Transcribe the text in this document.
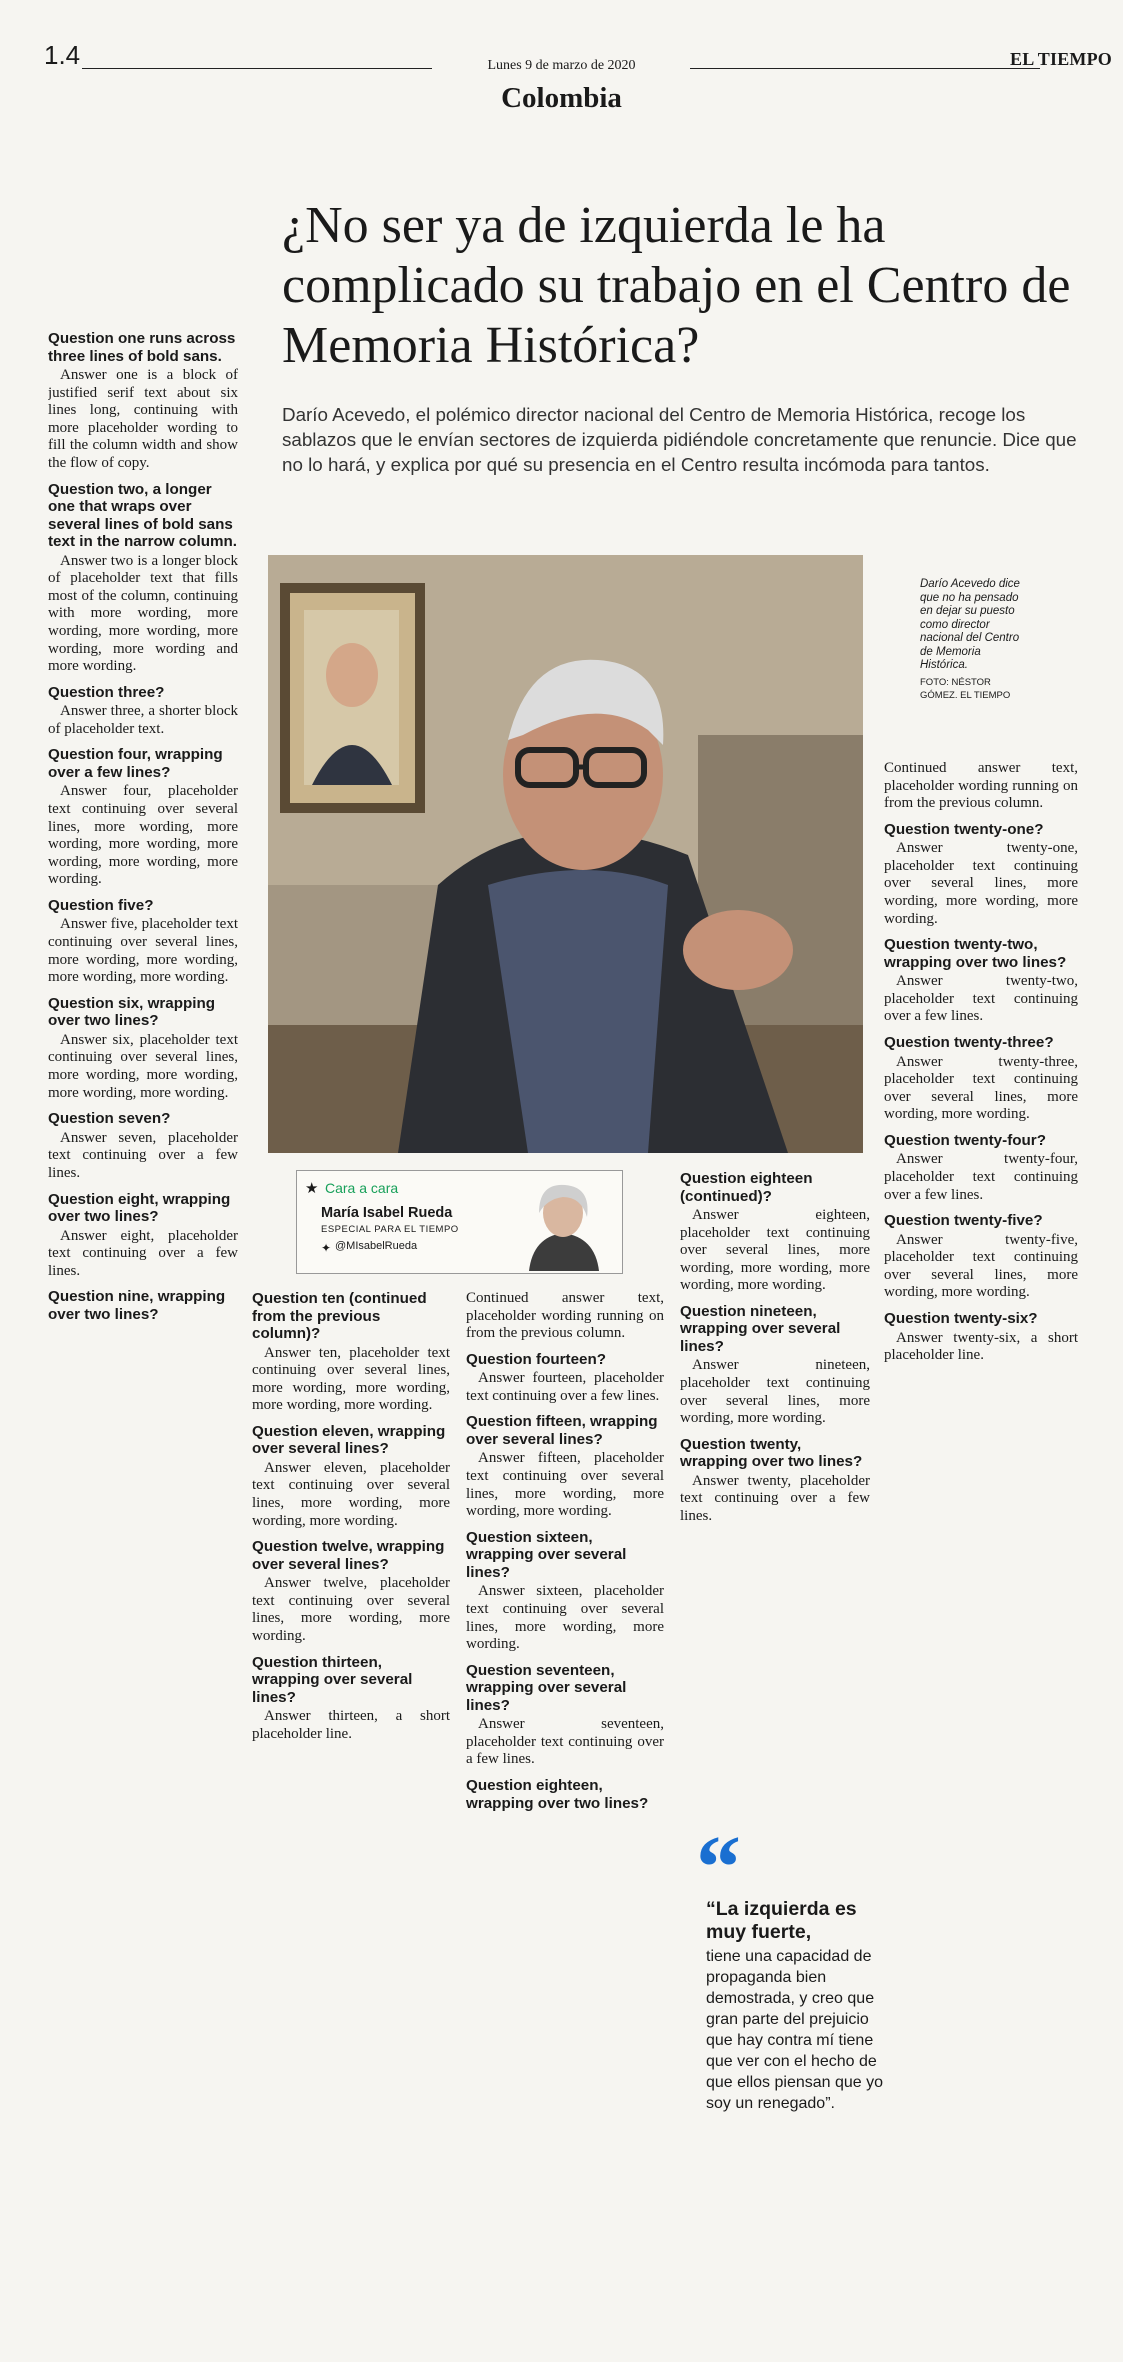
1.4	Lunes 9 de marzo de 2020	EL TIEMPO
Colombia
¿No ser ya de izquierda le ha complicado su trabajo en el Centro de Memoria Histórica?
Darío Acevedo, el polémico director nacional del Centro de Memoria Histórica, recoge los sablazos que le envían sectores de izquierda pidiéndole concretamente que renuncie. Dice que no lo hará, y explica por qué su presencia en el Centro resulta incómoda para tantos.
Darío Acevedo dice que no ha pensado en dejar su puesto como director nacional del Centro de Memoria Histórica.
FOTO: NÉSTOR GÓMEZ. EL TIEMPO
★ Cara a cara
María Isabel Rueda
ESPECIAL PARA EL TIEMPO
✦ @MIsabelRueda
“
“La izquierda es muy fuerte,
tiene una capacidad de propaganda bien demostrada, y creo que gran parte del prejuicio que hay contra mí tiene que ver con el hecho de que ellos piensan que yo soy un renegado”.

Question one runs across three lines of bold sans.

Answer one is a block of justified serif text about six lines long, continuing with more placeholder wording to fill the column width and show the flow of copy.

Question two, a longer one that wraps over several lines of bold sans text in the narrow column.

Answer two is a longer block of placeholder text that fills most of the column, continuing with more wording, more wording, more wording, more wording, more wording and more wording.

Question three?

Answer three, a shorter block of placeholder text.

Question four, wrapping over a few lines?

Answer four, placeholder text continuing over several lines, more wording, more wording, more wording, more wording, more wording, more wording.

Question five?

Answer five, placeholder text continuing over several lines, more wording, more wording, more wording, more wording.

Question six, wrapping over two lines?

Answer six, placeholder text continuing over several lines, more wording, more wording, more wording, more wording.

Question seven?

Answer seven, placeholder text continuing over a few lines.

Question eight, wrapping over two lines?

Answer eight, placeholder text continuing over a few lines.

Question nine, wrapping over two lines?

Question ten (continued from the previous column)?

Answer ten, placeholder text continuing over several lines, more wording, more wording, more wording, more wording.

Question eleven, wrapping over several lines?

Answer eleven, placeholder text continuing over several lines, more wording, more wording, more wording.

Question twelve, wrapping over several lines?

Answer twelve, placeholder text continuing over several lines, more wording, more wording.

Question thirteen, wrapping over several lines?

Answer thirteen, a short placeholder line.

Continued answer text, placeholder wording running on from the previous column.

Question fourteen?

Answer fourteen, placeholder text continuing over a few lines.

Question fifteen, wrapping over several lines?

Answer fifteen, placeholder text continuing over several lines, more wording, more wording, more wording.

Question sixteen, wrapping over several lines?

Answer sixteen, placeholder text continuing over several lines, more wording, more wording.

Question seventeen, wrapping over several lines?

Answer seventeen, placeholder text continuing over a few lines.

Question eighteen, wrapping over two lines?

Question eighteen (continued)?

Answer eighteen, placeholder text continuing over several lines, more wording, more wording, more wording, more wording.

Question nineteen, wrapping over several lines?

Answer nineteen, placeholder text continuing over several lines, more wording, more wording.

Question twenty, wrapping over two lines?

Answer twenty, placeholder text continuing over a few lines.

Continued answer text, placeholder wording running on from the previous column.

Question twenty-one?

Answer twenty-one, placeholder text continuing over several lines, more wording, more wording, more wording.

Question twenty-two, wrapping over two lines?

Answer twenty-two, placeholder text continuing over a few lines.

Question twenty-three?

Answer twenty-three, placeholder text continuing over several lines, more wording, more wording.

Question twenty-four?

Answer twenty-four, placeholder text continuing over a few lines.

Question twenty-five?

Answer twenty-five, placeholder text continuing over several lines, more wording, more wording.

Question twenty-six?

Answer twenty-six, a short placeholder line.
